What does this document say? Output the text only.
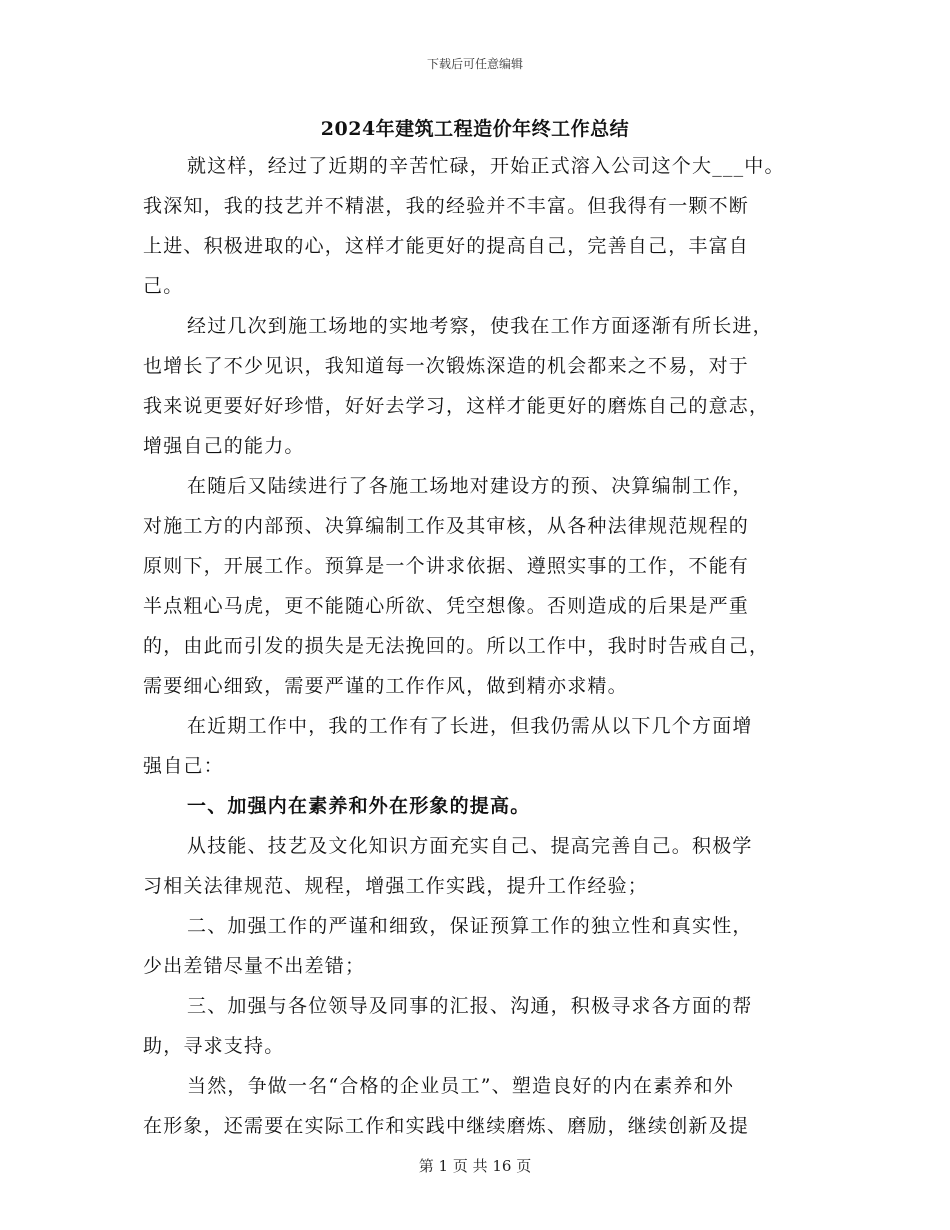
下载后可任意编辑
2024年建筑工程造价年终工作总结
就这样，经过了近期的辛苦忙碌，开始正式溶入公司这个大___中。
我深知，我的技艺并不精湛，我的经验并不丰富。但我得有一颗不断
上进、积极进取的心，这样才能更好的提高自己，完善自己，丰富自
己。
经过几次到施工场地的实地考察，使我在工作方面逐渐有所长进，
也增长了不少见识，我知道每一次锻炼深造的机会都来之不易，对于
我来说更要好好珍惜，好好去学习，这样才能更好的磨炼自己的意志，
增强自己的能力。
在随后又陆续进行了各施工场地对建设方的预、决算编制工作，
对施工方的内部预、决算编制工作及其审核，从各种法律规范规程的
原则下，开展工作。预算是一个讲求依据、遵照实事的工作，不能有
半点粗心马虎，更不能随心所欲、凭空想像。否则造成的后果是严重
的，由此而引发的损失是无法挽回的。所以工作中，我时时告戒自己，
需要细心细致，需要严谨的工作作风，做到精亦求精。
在近期工作中，我的工作有了长进，但我仍需从以下几个方面增
强自己：
一、加强内在素养和外在形象的提高。
从技能、技艺及文化知识方面充实自己、提高完善自己。积极学
习相关法律规范、规程，增强工作实践，提升工作经验；
二、加强工作的严谨和细致，保证预算工作的独立性和真实性，
少出差错尽量不出差错；
三、加强与各位领导及同事的汇报、沟通，积极寻求各方面的帮
助，寻求支持。
当然，争做一名“合格的企业员工”、塑造良好的内在素养和外
在形象，还需要在实际工作和实践中继续磨炼、磨励，继续创新及提
第 1 页 共 16 页
